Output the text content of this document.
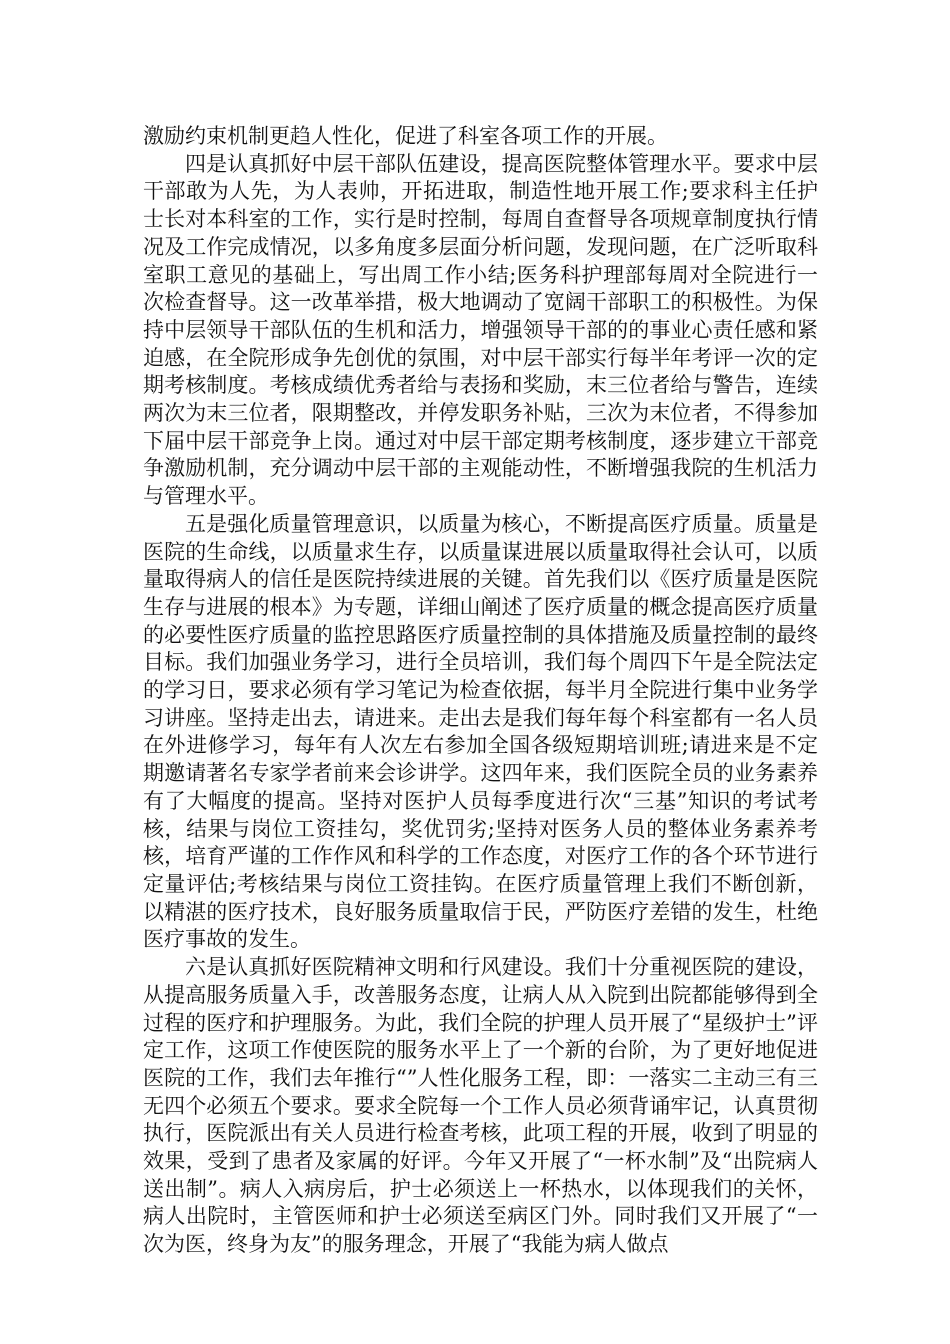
激励约束机制更趋人性化，促进了科室各项工作的开展。

四是认真抓好中层干部队伍建设，提高医院整体管理水平。要求中层干部敢为人先，为人表帅，开拓进取，制造性地开展工作;要求科主任护士长对本科室的工作，实行是时控制，每周自查督导各项规章制度执行情况及工作完成情况，以多角度多层面分析问题，发现问题，在广泛听取科室职工意见的基础上，写出周工作小结;医务科护理部每周对全院进行一次检查督导。这一改革举措，极大地调动了宽阔干部职工的积极性。为保持中层领导干部队伍的生机和活力，增强领导干部的的事业心责任感和紧迫感，在全院形成争先创优的氛围，对中层干部实行每半年考评一次的定期考核制度。考核成绩优秀者给与表扬和奖励，末三位者给与警告，连续两次为末三位者，限期整改，并停发职务补贴，三次为末位者，不得参加下届中层干部竞争上岗。通过对中层干部定期考核制度，逐步建立干部竞争激励机制，充分调动中层干部的主观能动性，不断增强我院的生机活力与管理水平。

五是强化质量管理意识，以质量为核心，不断提高医疗质量。质量是医院的生命线，以质量求生存，以质量谋进展以质量取得社会认可，以质量取得病人的信任是医院持续进展的关键。首先我们以《医疗质量是医院生存与进展的根本》为专题，详细山阐述了医疗质量的概念提高医疗质量的必要性医疗质量的监控思路医疗质量控制的具体措施及质量控制的最终目标。我们加强业务学习，进行全员培训，我们每个周四下午是全院法定的学习日，要求必须有学习笔记为检查依据，每半月全院进行集中业务学习讲座。坚持走出去，请进来。走出去是我们每年每个科室都有一名人员在外进修学习，每年有人次左右参加全国各级短期培训班;请进来是不定期邀请著名专家学者前来会诊讲学。这四年来，我们医院全员的业务素养有了大幅度的提高。坚持对医护人员每季度进行次“三基”知识的考试考核，结果与岗位工资挂勾，奖优罚劣;坚持对医务人员的整体业务素养考核，培育严谨的工作作风和科学的工作态度，对医疗工作的各个环节进行定量评估;考核结果与岗位工资挂钩。在医疗质量管理上我们不断创新，以精湛的医疗技术，良好服务质量取信于民，严防医疗差错的发生，杜绝医疗事故的发生。

六是认真抓好医院精神文明和行风建设。我们十分重视医院的建设，从提高服务质量入手，改善服务态度，让病人从入院到出院都能够得到全过程的医疗和护理服务。为此，我们全院的护理人员开展了“星级护士”评定工作，这项工作使医院的服务水平上了一个新的台阶，为了更好地促进医院的工作，我们去年推行“”人性化服务工程，即：一落实二主动三有三无四个必须五个要求。要求全院每一个工作人员必须背诵牢记，认真贯彻执行，医院派出有关人员进行检查考核，此项工程的开展，收到了明显的效果，受到了患者及家属的好评。今年又开展了“一杯水制”及“出院病人送出制”。病人入病房后，护士必须送上一杯热水，以体现我们的关怀，病人出院时，主管医师和护士必须送至病区门外。同时我们又开展了“一次为医，终身为友”的服务理念，开展了“我能为病人做点
